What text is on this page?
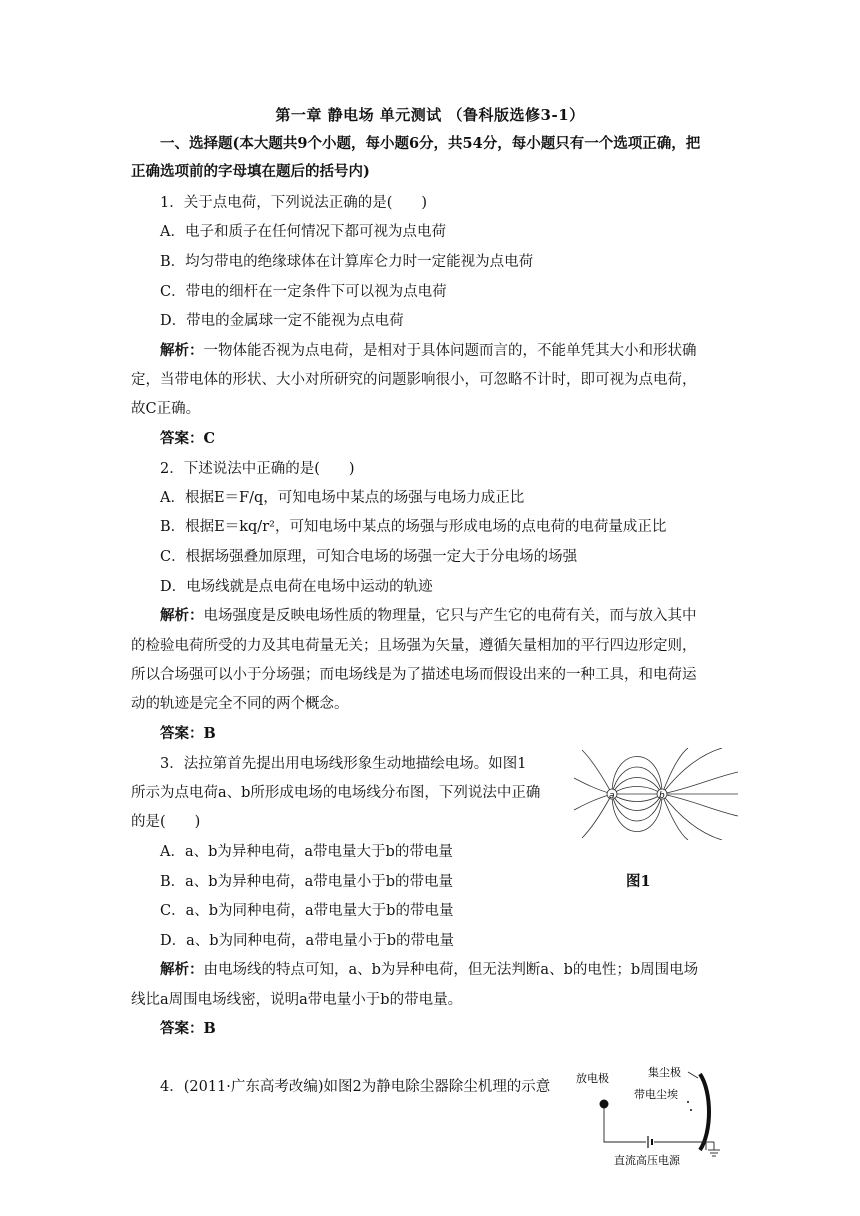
第一章 静电场 单元测试 （鲁科版选修3-1）
一、选择题(本大题共9个小题，每小题6分，共54分，每小题只有一个选项正确，把
正确选项前的字母填在题后的括号内)
1．关于点电荷，下列说法正确的是(　　)
A．电子和质子在任何情况下都可视为点电荷
B．均匀带电的绝缘球体在计算库仑力时一定能视为点电荷
C．带电的细杆在一定条件下可以视为点电荷
D．带电的金属球一定不能视为点电荷
解析：一物体能否视为点电荷，是相对于具体问题而言的，不能单凭其大小和形状确
定，当带电体的形状、大小对所研究的问题影响很小，可忽略不计时，即可视为点电荷，
故C正确。
答案：C
2．下述说法中正确的是(　　)
A．根据E＝F/q，可知电场中某点的场强与电场力成正比
B．根据E＝kq/r²，可知电场中某点的场强与形成电场的点电荷的电荷量成正比
C．根据场强叠加原理，可知合电场的场强一定大于分电场的场强
D．电场线就是点电荷在电场中运动的轨迹
解析：电场强度是反映电场性质的物理量，它只与产生它的电荷有关，而与放入其中
的检验电荷所受的力及其电荷量无关；且场强为矢量，遵循矢量相加的平行四边形定则，
所以合场强可以小于分场强；而电场线是为了描述电场而假设出来的一种工具，和电荷运
动的轨迹是完全不同的两个概念。
答案：B
3．法拉第首先提出用电场线形象生动地描绘电场。如图1
所示为点电荷a、b所形成电场的电场线分布图，下列说法中正确
的是(　　)
A．a、b为异种电荷，a带电量大于b的带电量
B．a、b为异种电荷，a带电量小于b的带电量
C．a、b为同种电荷，a带电量大于b的带电量
D．a、b为同种电荷，a带电量小于b的带电量
解析：由电场线的特点可知，a、b为异种电荷，但无法判断a、b的电性；b周围电场
线比a周围电场线密，说明a带电量小于b的带电量。
答案：B
a	b
图1
4．(2011·广东高考改编)如图2为静电除尘器除尘机理的示意
放电极	集尘极
带电尘埃
直流高压电源
